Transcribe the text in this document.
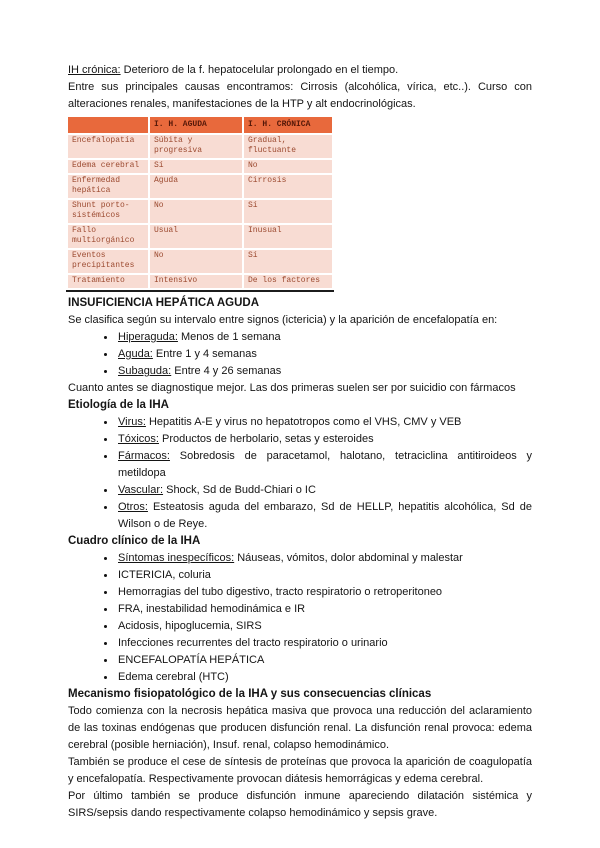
IH crónica: Deterioro de la f. hepatocelular prolongado en el tiempo.
Entre sus principales causas encontramos: Cirrosis (alcohólica, vírica, etc..). Curso con alteraciones renales, manifestaciones de la HTP y alt endocrinológicas.
	I. H. AGUDA	I. H. CRÓNICA
Encefalopatía	Súbita y progresiva	Gradual, fluctuante
Edema cerebral	Sí	No
Enfermedad hepática	Aguda	Cirrosis
Shunt porto-sistémicos	No	Sí
Fallo multiorgánico	Usual	Inusual
Eventos precipitantes	No	Sí
Tratamiento	Intensivo	De los factores
INSUFICIENCIA HEPÁTICA AGUDA
Se clasifica según su intervalo entre signos (ictericia) y la aparición de encefalopatía en:
• Hiperaguda: Menos de 1 semana
• Aguda: Entre 1 y 4 semanas
• Subaguda: Entre 4 y 26 semanas
Cuanto antes se diagnostique mejor. Las dos primeras suelen ser por suicidio con fármacos
Etiología de la IHA
• Virus: Hepatitis A-E y virus no hepatotropos como el VHS, CMV y VEB
• Tóxicos: Productos de herbolario, setas y esteroides
• Fármacos: Sobredosis de paracetamol, halotano, tetraciclina antitiroideos y metildopa
• Vascular: Shock, Sd de Budd-Chiari o IC
• Otros: Esteatosis aguda del embarazo, Sd de HELLP, hepatitis alcohólica, Sd de Wilson o de Reye.
Cuadro clínico de la IHA
• Síntomas inespecíficos: Náuseas, vómitos, dolor abdominal y malestar
• ICTERICIA, coluria
• Hemorragias del tubo digestivo, tracto respiratorio o retroperitoneo
• FRA, inestabilidad hemodinámica e IR
• Acidosis, hipoglucemia, SIRS
• Infecciones recurrentes del tracto respiratorio o urinario
• ENCEFALOPATÍA HEPÁTICA
• Edema cerebral (HTC)
Mecanismo fisiopatológico de la IHA y sus consecuencias clínicas
Todo comienza con la necrosis hepática masiva que provoca una reducción del aclaramiento de las toxinas endógenas que producen disfunción renal. La disfunción renal provoca: edema cerebral (posible herniación), Insuf. renal, colapso hemodinámico.
También se produce el cese de síntesis de proteínas que provoca la aparición de coagulopatía y encefalopatía. Respectivamente provocan diátesis hemorrágicas y edema cerebral.
Por último también se produce disfunción inmune apareciendo dilatación sistémica y SIRS/sepsis dando respectivamente colapso hemodinámico y sepsis grave.
